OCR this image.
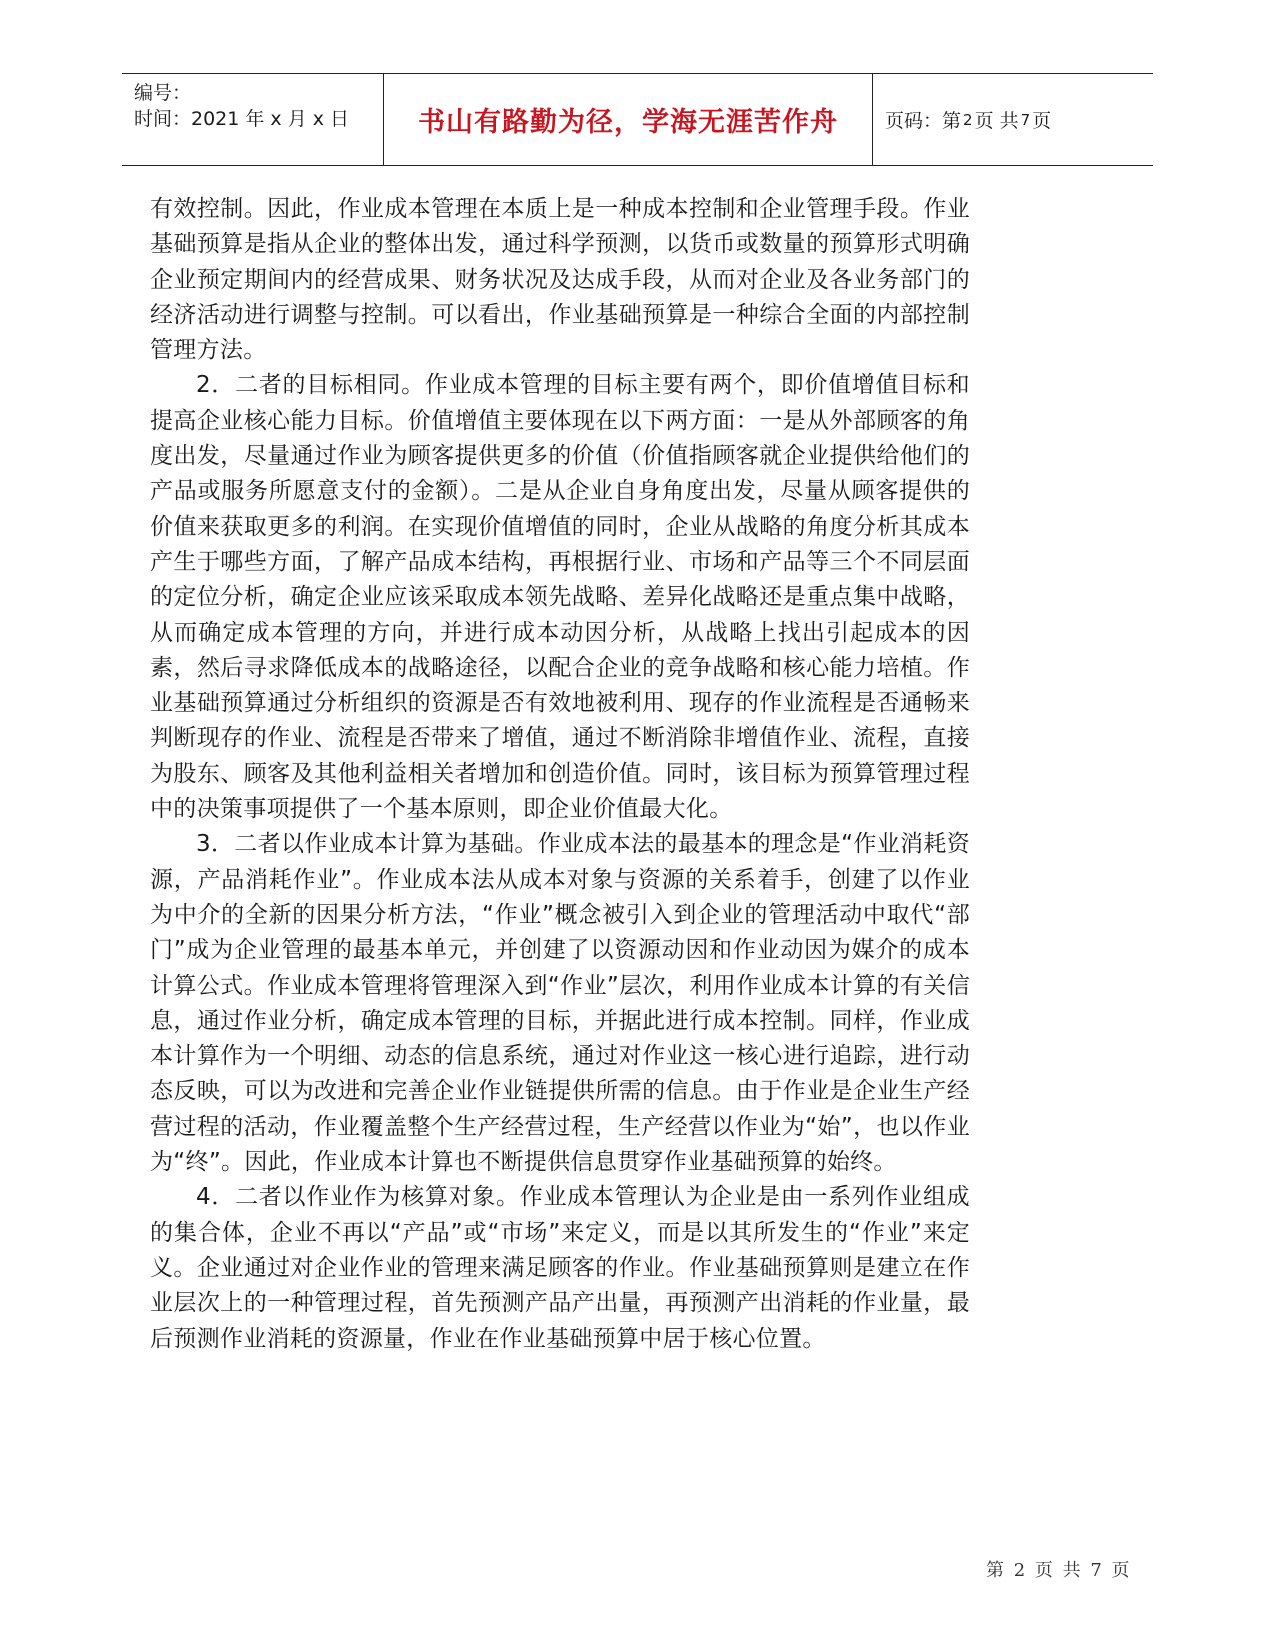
编号：
时间：2021 年 x 月 x 日	书山有路勤为径，学海无涯苦作舟	页码：第 2 页 共 7 页

有效控制。因此，作业成本管理在本质上是一种成本控制和企业管理手段。作业基础预算是指从企业的整体出发，通过科学预测，以货币或数量的预算形式明确企业预定期间内的经营成果、财务状况及达成手段，从而对企业及各业务部门的经济活动进行调整与控制。可以看出，作业基础预算是一种综合全面的内部控制管理方法。

2．二者的目标相同。作业成本管理的目标主要有两个，即价值增值目标和提高企业核心能力目标。价值增值主要体现在以下两方面：一是从外部顾客的角度出发，尽量通过作业为顾客提供更多的价值（价值指顾客就企业提供给他们的产品或服务所愿意支付的金额）。二是从企业自身角度出发，尽量从顾客提供的价值来获取更多的利润。在实现价值增值的同时，企业从战略的角度分析其成本产生于哪些方面，了解产品成本结构，再根据行业、市场和产品等三个不同层面的定位分析，确定企业应该采取成本领先战略、差异化战略还是重点集中战略，从而确定成本管理的方向，并进行成本动因分析，从战略上找出引起成本的因素，然后寻求降低成本的战略途径，以配合企业的竞争战略和核心能力培植。作业基础预算通过分析组织的资源是否有效地被利用、现存的作业流程是否通畅来判断现存的作业、流程是否带来了增值，通过不断消除非增值作业、流程，直接为股东、顾客及其他利益相关者增加和创造价值。同时，该目标为预算管理过程中的决策事项提供了一个基本原则，即企业价值最大化。

3．二者以作业成本计算为基础。作业成本法的最基本的理念是“作业消耗资源，产品消耗作业”。作业成本法从成本对象与资源的关系着手，创建了以作业为中介的全新的因果分析方法，“作业”概念被引入到企业的管理活动中取代“部门”成为企业管理的最基本单元，并创建了以资源动因和作业动因为媒介的成本计算公式。作业成本管理将管理深入到“作业”层次，利用作业成本计算的有关信息，通过作业分析，确定成本管理的目标，并据此进行成本控制。同样，作业成本计算作为一个明细、动态的信息系统，通过对作业这一核心进行追踪，进行动态反映，可以为改进和完善企业作业链提供所需的信息。由于作业是企业生产经营过程的活动，作业覆盖整个生产经营过程，生产经营以作业为“始”，也以作业为“终”。因此，作业成本计算也不断提供信息贯穿作业基础预算的始终。

4．二者以作业作为核算对象。作业成本管理认为企业是由一系列作业组成的集合体，企业不再以“产品”或“市场”来定义，而是以其所发生的“作业”来定义。企业通过对企业作业的管理来满足顾客的作业。作业基础预算则是建立在作业层次上的一种管理过程，首先预测产品产出量，再预测产出消耗的作业量，最后预测作业消耗的资源量，作业在作业基础预算中居于核心位置。

第 2 页 共 7 页
